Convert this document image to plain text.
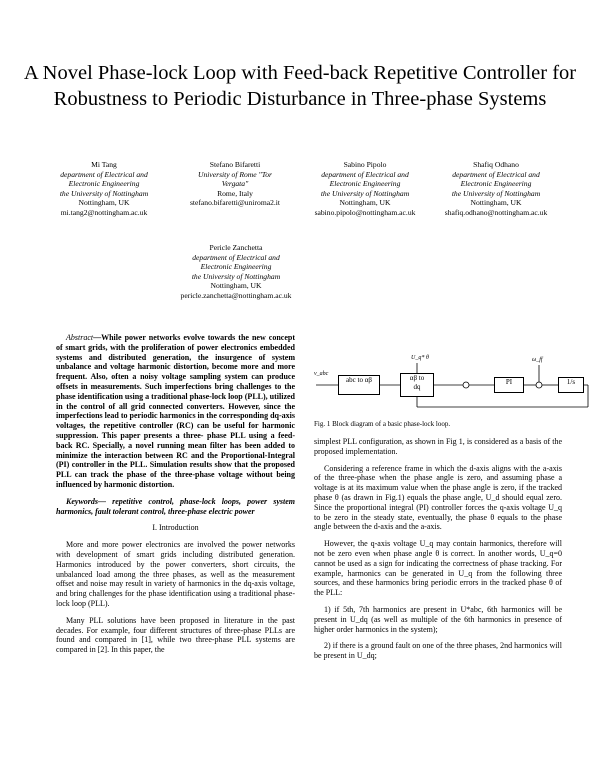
A Novel Phase-lock Loop with Feed-back Repetitive Controller for Robustness to Periodic Disturbance in Three-phase Systems
Mi Tang
department of Electrical and
Electronic Engineering
the University of Nottingham
Nottingham, UK
mi.tang2@nottingham.ac.uk
Stefano Bifaretti
University of Rome "Tor
Vergata"
Rome, Italy
stefano.bifaretti@uniroma2.it
Sabino Pipolo
department of Electrical and
Electronic Engineering
the University of Nottingham
Nottingham, UK
sabino.pipolo@nottingham.ac.uk
Shafiq Odhano
department of Electrical and
Electronic Engineering
the University of Nottingham
Nottingham, UK
shafiq.odhano@nottingham.ac.uk
Pericle Zanchetta
department of Electrical and
Electronic Engineering
the University of Nottingham
Nottingham, UK
pericle.zanchetta@nottingham.ac.uk

Abstract—While power networks evolve towards the new concept of smart grids, with the proliferation of power electronics embedded systems and distributed generation, the insurgence of system unbalance and voltage harmonic distortion, become more and more frequent. Also, often a noisy voltage sampling system can produce offsets in measurements. Such imperfections bring challenges to the phase identification using a traditional phase-lock loop (PLL), utilized in the control of all grid connected converters. However, since the imperfections lead to periodic harmonics in the corresponding dq-axis voltages, the repetitive controller (RC) can be useful for harmonic suppression. This paper presents a three- phase PLL using a feed-back RC. Specially, a novel running mean filter has been added to minimize the interaction between RC and the Proportional-Integral (PI) controller in the PLL. Simulation results show that the proposed PLL can track the phase of the three-phase voltage without being influenced by harmonic distortion.

Keywords— repetitive control, phase-lock loops, power system harmonics, fault tolerant control, three-phase electric power

I. Introduction

More and more power electronics are involved the power networks with development of smart grids including distributed generation. Harmonics introduced by the power converters, short circuits, the unbalanced load among the three phases, as well as the measurement offset and noise may result in variety of harmonics in the dq-axis voltage, and bring challenges for the phase identification using a traditional phase-lock loop (PLL).

Many PLL solutions have been proposed in literature in the past decades. For example, four different structures of three-phase PLLs are found and compared in [1], while two three-phase PLL systems are compared in [2]. In this paper, the

abc to αβ	αβ to
dq
PI	1/s
v_abc
U_q* θ	ω_ff
Fig. 1 Block diagram of a basic phase-lock loop.

simplest PLL configuration, as shown in Fig 1, is considered as a basis of the proposed implementation.

Considering a reference frame in which the d-axis aligns with the a-axis of the three-phase when the phase angle is zero, and assuming phase a voltage is at its maximum value when the phase angle is zero, if the tracked phase θ (as drawn in Fig.1) equals the phase angle, U_d should equal zero. Since the proportional integral (PI) controller forces the q-axis voltage U_q to be zero in the steady state, eventually, the phase θ equals to the phase angle between the d-axis and the a-axis.

However, the q-axis voltage U_q may contain harmonics, therefore will not be zero even when phase angle θ is correct. In another words, U_q=0 cannot be used as a sign for indicating the correctness of phase tracking. For example, harmonics can be generated in U_q from the following three sources, and these harmonics bring periodic errors in the tracked phase θ of the PLL:

1) if 5th, 7th harmonics are present in U*abc, 6th harmonics will be present in U_dq (as well as multiple of the 6th harmonics in presence of higher order harmonics in the system);

2) if there is a ground fault on one of the three phases, 2nd harmonics will be present in U_dq;
